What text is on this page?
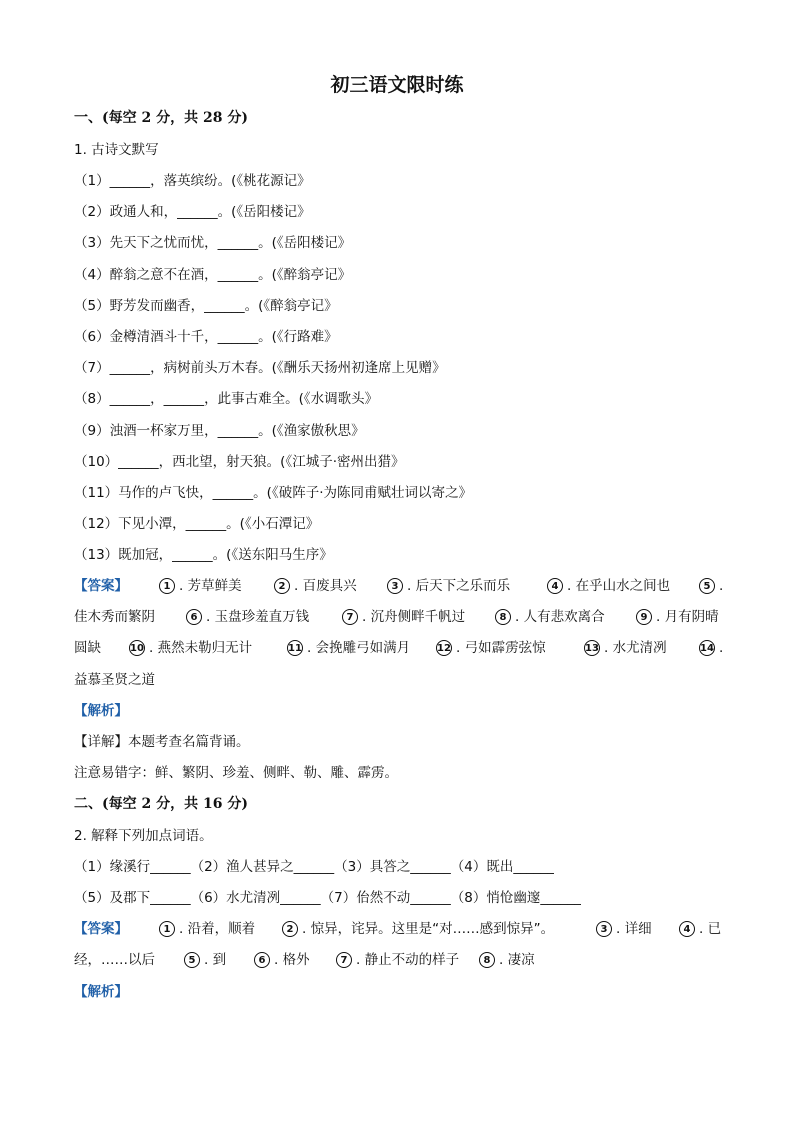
初三语文限时练
一、(每空 2 分，共 28 分)
1. 古诗文默写
（1）______，落英缤纷。(《桃花源记》
（2）政通人和，______。(《岳阳楼记》
（3）先天下之忧而忧，______。(《岳阳楼记》
（4）醉翁之意不在酒，______。(《醉翁亭记》
（5）野芳发而幽香，______。(《醉翁亭记》
（6）金樽清酒斗十千，______。(《行路难》
（7）______，病树前头万木春。(《酬乐天扬州初逢席上见赠》
（8）______，______，此事古难全。(《水调歌头》
（9）浊酒一杯家万里，______。(《渔家傲秋思》
（10）______，西北望，射天狼。(《江城子·密州出猎》
（11）马作的卢飞快，______。(《破阵子·为陈同甫赋壮词以寄之》
（12）下见小潭，______。(《小石潭记》
（13）既加冠，______。(《送东阳马生序》
【答案】	1 . 芳草鲜美	2 . 百废具兴	3 . 后天下之乐而乐	4 . 在乎山水之间也	5 .
佳木秀而繁阴	6 . 玉盘珍羞直万钱	7 . 沉舟侧畔千帆过	8 . 人有悲欢离合	9 . 月有阴晴
圆缺	10 . 燕然未勒归无计	11 . 会挽雕弓如满月	12 . 弓如霹雳弦惊	13 . 水尤清冽	14 .
益慕圣贤之道
【解析】
【详解】本题考查名篇背诵。
注意易错字：鲜、繁阴、珍羞、侧畔、勒、雕、霹雳。
二、(每空 2 分，共 16 分)
2. 解释下列加点词语。
（1）缘溪行______（2）渔人甚异之______（3）具答之______（4）既出______
（5）及郡下______（6）水尤清冽______（7）佁然不动______（8）悄怆幽邃______
【答案】	1 . 沿着，顺着	2 . 惊异，诧异。这里是“对……感到惊异”。	3 . 详细	4 . 已
经，……以后	5 . 到	6 . 格外	7 . 静止不动的样子	8 . 凄凉
【解析】
